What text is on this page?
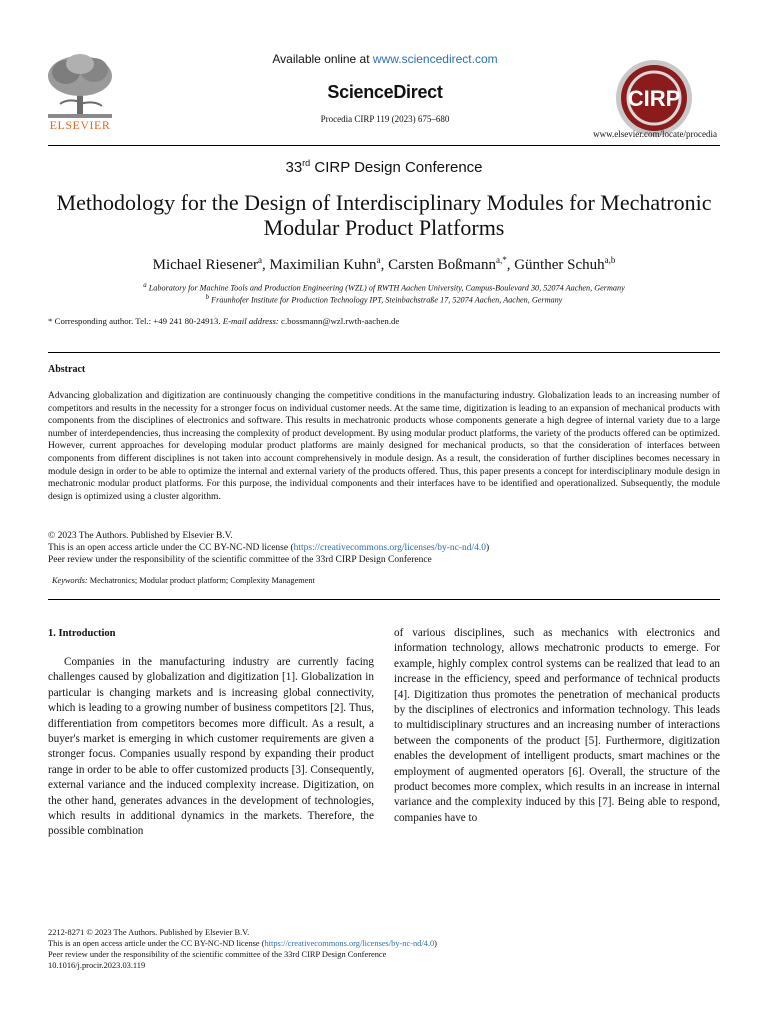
ELSEVIER
Available online at www.sciencedirect.com
ScienceDirect
Procedia CIRP 119 (2023) 675–680
CIRP
www.elsevier.com/locate/procedia
33rd CIRP Design Conference
Methodology for the Design of Interdisciplinary Modules for Mechatronic Modular Product Platforms
Michael Riesener$^a$, Maximilian Kuhn$^a$, Carsten Boßmann$^{a,*}$, Günther Schuh$^{a,b}$
$^a$ Laboratory for Machine Tools and Production Engineering (WZL) of RWTH Aachen University, Campus-Boulevard 30, 52074 Aachen, Germany
$^b$ Fraunhofer Institute for Production Technology IPT, Steinbachstraße 17, 52074 Aachen, Aachen, Germany
* Corresponding author. Tel.: +49 241 80-24913. E-mail address: c.bossmann@wzl.rwth-aachen.de
Abstract
Advancing globalization and digitization are continuously changing the competitive conditions in the manufacturing industry. Globalization leads to an increasing number of competitors and results in the necessity for a stronger focus on individual customer needs. At the same time, digitization is leading to an expansion of mechanical products with components from the disciplines of electronics and software. This results in mechatronic products whose components generate a high degree of internal variety due to a large number of interdependencies, thus increasing the complexity of product development. By using modular product platforms, the variety of the products offered can be optimized. However, current approaches for developing modular product platforms are mainly designed for mechanical products, so that the consideration of interfaces between components from different disciplines is not taken into account comprehensively in module design. As a result, the consideration of further disciplines becomes necessary in module design in order to be able to optimize the internal and external variety of the products offered. Thus, this paper presents a concept for interdisciplinary module design in mechatronic modular product platforms. For this purpose, the individual components and their interfaces have to be identified and operationalized. Subsequently, the module design is optimized using a cluster algorithm.
© 2023 The Authors. Published by Elsevier B.V.
This is an open access article under the CC BY-NC-ND license (https://creativecommons.org/licenses/by-nc-nd/4.0)
Peer review under the responsibility of the scientific committee of the 33rd CIRP Design Conference
Keywords: Mechatronics; Modular product platform; Complexity Management
1. Introduction
Companies in the manufacturing industry are currently facing challenges caused by globalization and digitization [1]. Globalization in particular is changing markets and is increasing global connectivity, which is leading to a growing number of business competitors [2]. Thus, differentiation from competitors becomes more difficult. As a result, a buyer's market is emerging in which customer requirements are given a stronger focus. Companies usually respond by expanding their product range in order to be able to offer customized products [3]. Consequently, external variance and the induced complexity increase. Digitization, on the other hand, generates advances in the development of technologies, which results in additional dynamics in the markets. Therefore, the possible combination
of various disciplines, such as mechanics with electronics and information technology, allows mechatronic products to emerge. For example, highly complex control systems can be realized that lead to an increase in the efficiency, speed and performance of technical products [4]. Digitization thus promotes the penetration of mechanical products by the disciplines of electronics and information technology. This leads to multidisciplinary structures and an increasing number of interactions between the components of the product [5]. Furthermore, digitization enables the development of intelligent products, smart machines or the employment of augmented operators [6]. Overall, the structure of the product becomes more complex, which results in an increase in internal variance and the complexity induced by this [7]. Being able to respond, companies have to
2212-8271 © 2023 The Authors. Published by Elsevier B.V.
This is an open access article under the CC BY-NC-ND license (https://creativecommons.org/licenses/by-nc-nd/4.0)
Peer review under the responsibility of the scientific committee of the 33rd CIRP Design Conference
10.1016/j.procir.2023.03.119
